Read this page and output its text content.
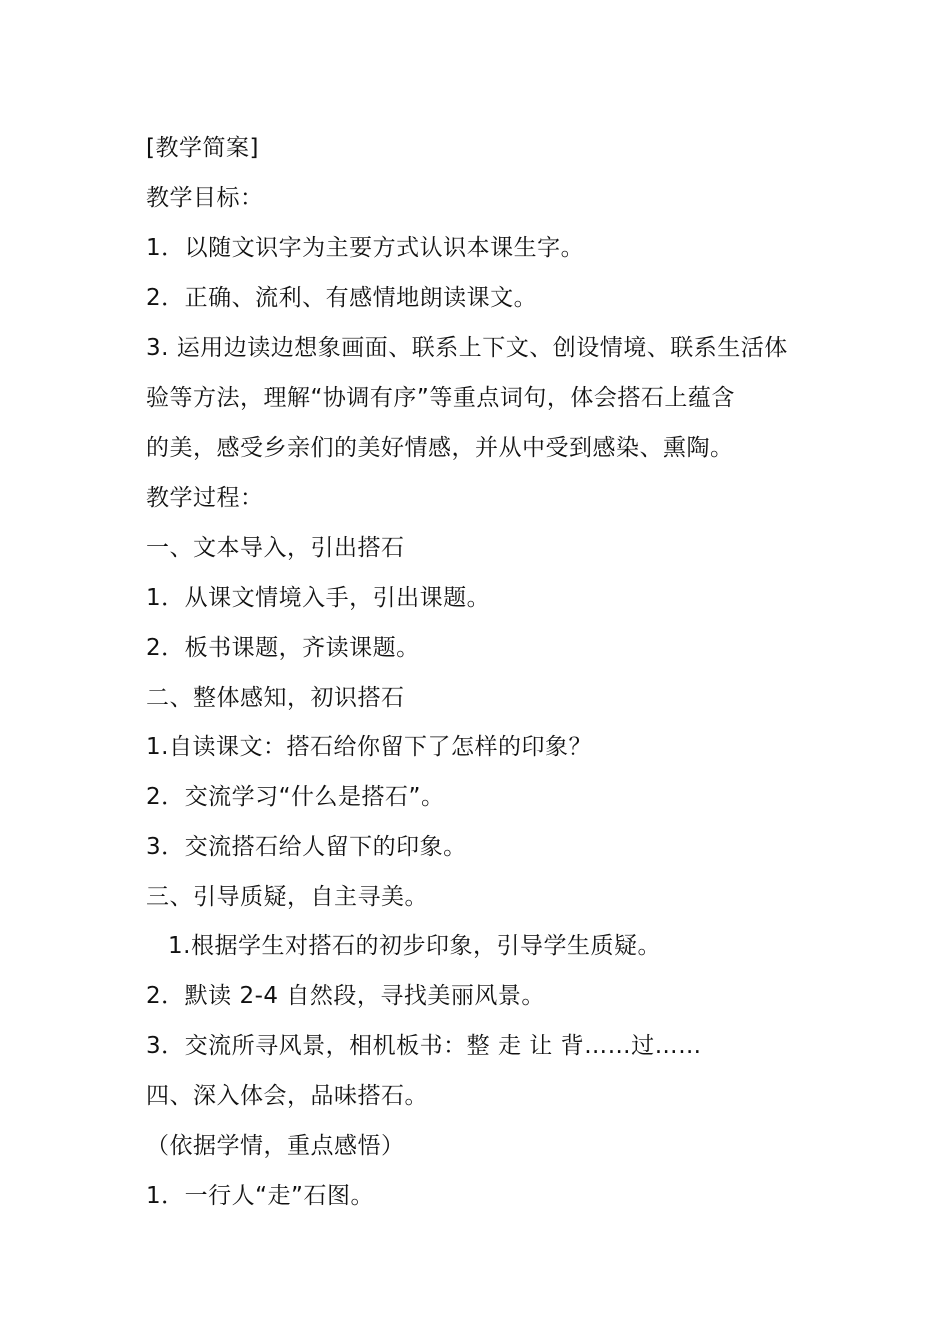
[教学简案]
教学目标：
1．以随文识字为主要方式认识本课生字。
2．正确、流利、有感情地朗读课文。
3. 运用边读边想象画面、联系上下文、创设情境、联系生活体
验等方法，理解“协调有序”等重点词句，体会搭石上蕴含
的美，感受乡亲们的美好情感，并从中受到感染、熏陶。
教学过程：
一、文本导入，引出搭石
1．从课文情境入手，引出课题。
2．板书课题，齐读课题。
二、整体感知，初识搭石
1.自读课文：搭石给你留下了怎样的印象？
2．交流学习“什么是搭石”。
3．交流搭石给人留下的印象。
三、引导质疑，自主寻美。
1.根据学生对搭石的初步印象，引导学生质疑。
2．默读 2-4 自然段，寻找美丽风景。
3．交流所寻风景，相机板书：整 走 让 背……过……
四、深入体会，品味搭石。
（依据学情，重点感悟）
1．一行人“走”石图。
